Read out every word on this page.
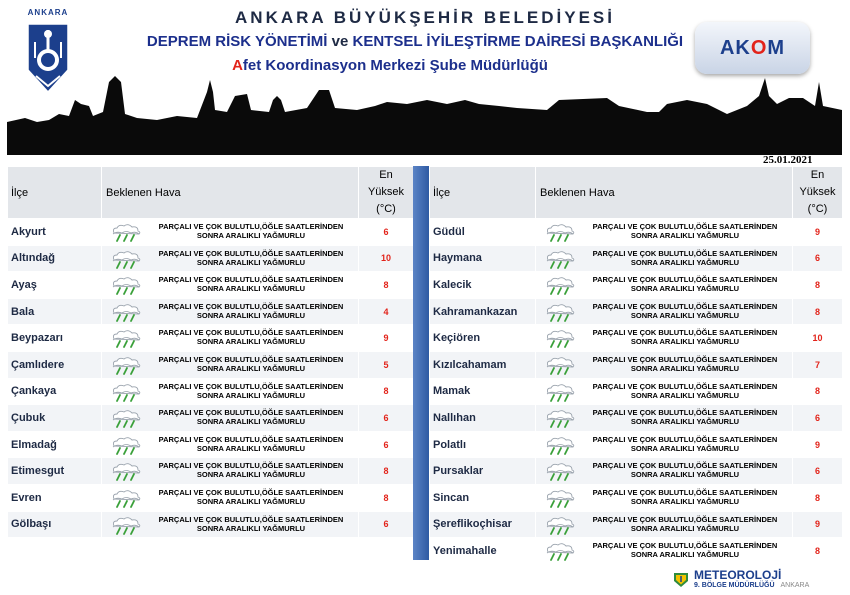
ANKARA	ANKARA BÜYÜKŞEHİR BELEDİYESİ
DEPREM RİSK YÖNETİMİ ve KENTSEL İYİLEŞTİRME DAİRESİ BAŞKANLIĞI
Afet Koordinasyon Merkezi Şube Müdürlüğü
AK O M
25.01.2021
İlçe	Beklenen Hava	En
Yüksek
(°C)

Akyurt	PARÇALI VE ÇOK BULUTLU,ÖĞLE SAATLERİNDEN
SONRA ARALIKLI YAĞMURLU	6
Altındağ	PARÇALI VE ÇOK BULUTLU,ÖĞLE SAATLERİNDEN
SONRA ARALIKLI YAĞMURLU	10
Ayaş	PARÇALI VE ÇOK BULUTLU,ÖĞLE SAATLERİNDEN
SONRA ARALIKLI YAĞMURLU	8
Bala	PARÇALI VE ÇOK BULUTLU,ÖĞLE SAATLERİNDEN
SONRA ARALIKLI YAĞMURLU	4
Beypazarı	PARÇALI VE ÇOK BULUTLU,ÖĞLE SAATLERİNDEN
SONRA ARALIKLI YAĞMURLU	9
Çamlıdere	PARÇALI VE ÇOK BULUTLU,ÖĞLE SAATLERİNDEN
SONRA ARALIKLI YAĞMURLU	5
Çankaya	PARÇALI VE ÇOK BULUTLU,ÖĞLE SAATLERİNDEN
SONRA ARALIKLI YAĞMURLU	8
Çubuk	PARÇALI VE ÇOK BULUTLU,ÖĞLE SAATLERİNDEN
SONRA ARALIKLI YAĞMURLU	6
Elmadağ	PARÇALI VE ÇOK BULUTLU,ÖĞLE SAATLERİNDEN
SONRA ARALIKLI YAĞMURLU	6
Etimesgut	PARÇALI VE ÇOK BULUTLU,ÖĞLE SAATLERİNDEN
SONRA ARALIKLI YAĞMURLU	8
Evren	PARÇALI VE ÇOK BULUTLU,ÖĞLE SAATLERİNDEN
SONRA ARALIKLI YAĞMURLU	8
Gölbaşı	PARÇALI VE ÇOK BULUTLU,ÖĞLE SAATLERİNDEN
SONRA ARALIKLI YAĞMURLU	6

İlçe	Beklenen Hava	En
Yüksek
(°C)

Güdül	PARÇALI VE ÇOK BULUTLU,ÖĞLE SAATLERİNDEN
SONRA ARALIKLI YAĞMURLU	9
Haymana	PARÇALI VE ÇOK BULUTLU,ÖĞLE SAATLERİNDEN
SONRA ARALIKLI YAĞMURLU	6
Kalecik	PARÇALI VE ÇOK BULUTLU,ÖĞLE SAATLERİNDEN
SONRA ARALIKLI YAĞMURLU	8
Kahramankazan	PARÇALI VE ÇOK BULUTLU,ÖĞLE SAATLERİNDEN
SONRA ARALIKLI YAĞMURLU	8
Keçiören	PARÇALI VE ÇOK BULUTLU,ÖĞLE SAATLERİNDEN
SONRA ARALIKLI YAĞMURLU	10
Kızılcahamam	PARÇALI VE ÇOK BULUTLU,ÖĞLE SAATLERİNDEN
SONRA ARALIKLI YAĞMURLU	7
Mamak	PARÇALI VE ÇOK BULUTLU,ÖĞLE SAATLERİNDEN
SONRA ARALIKLI YAĞMURLU	8
Nallıhan	PARÇALI VE ÇOK BULUTLU,ÖĞLE SAATLERİNDEN
SONRA ARALIKLI YAĞMURLU	6
Polatlı	PARÇALI VE ÇOK BULUTLU,ÖĞLE SAATLERİNDEN
SONRA ARALIKLI YAĞMURLU	9
Pursaklar	PARÇALI VE ÇOK BULUTLU,ÖĞLE SAATLERİNDEN
SONRA ARALIKLI YAĞMURLU	6
Sincan	PARÇALI VE ÇOK BULUTLU,ÖĞLE SAATLERİNDEN
SONRA ARALIKLI YAĞMURLU	8
Şereflikoçhisar	PARÇALI VE ÇOK BULUTLU,ÖĞLE SAATLERİNDEN
SONRA ARALIKLI YAĞMURLU	9
Yenimahalle	PARÇALI VE ÇOK BULUTLU,ÖĞLE SAATLERİNDEN
SONRA ARALIKLI YAĞMURLU	8
METEOROLOJİ
9. BÖLGE MÜDÜRLÜĞÜ ANKARA
